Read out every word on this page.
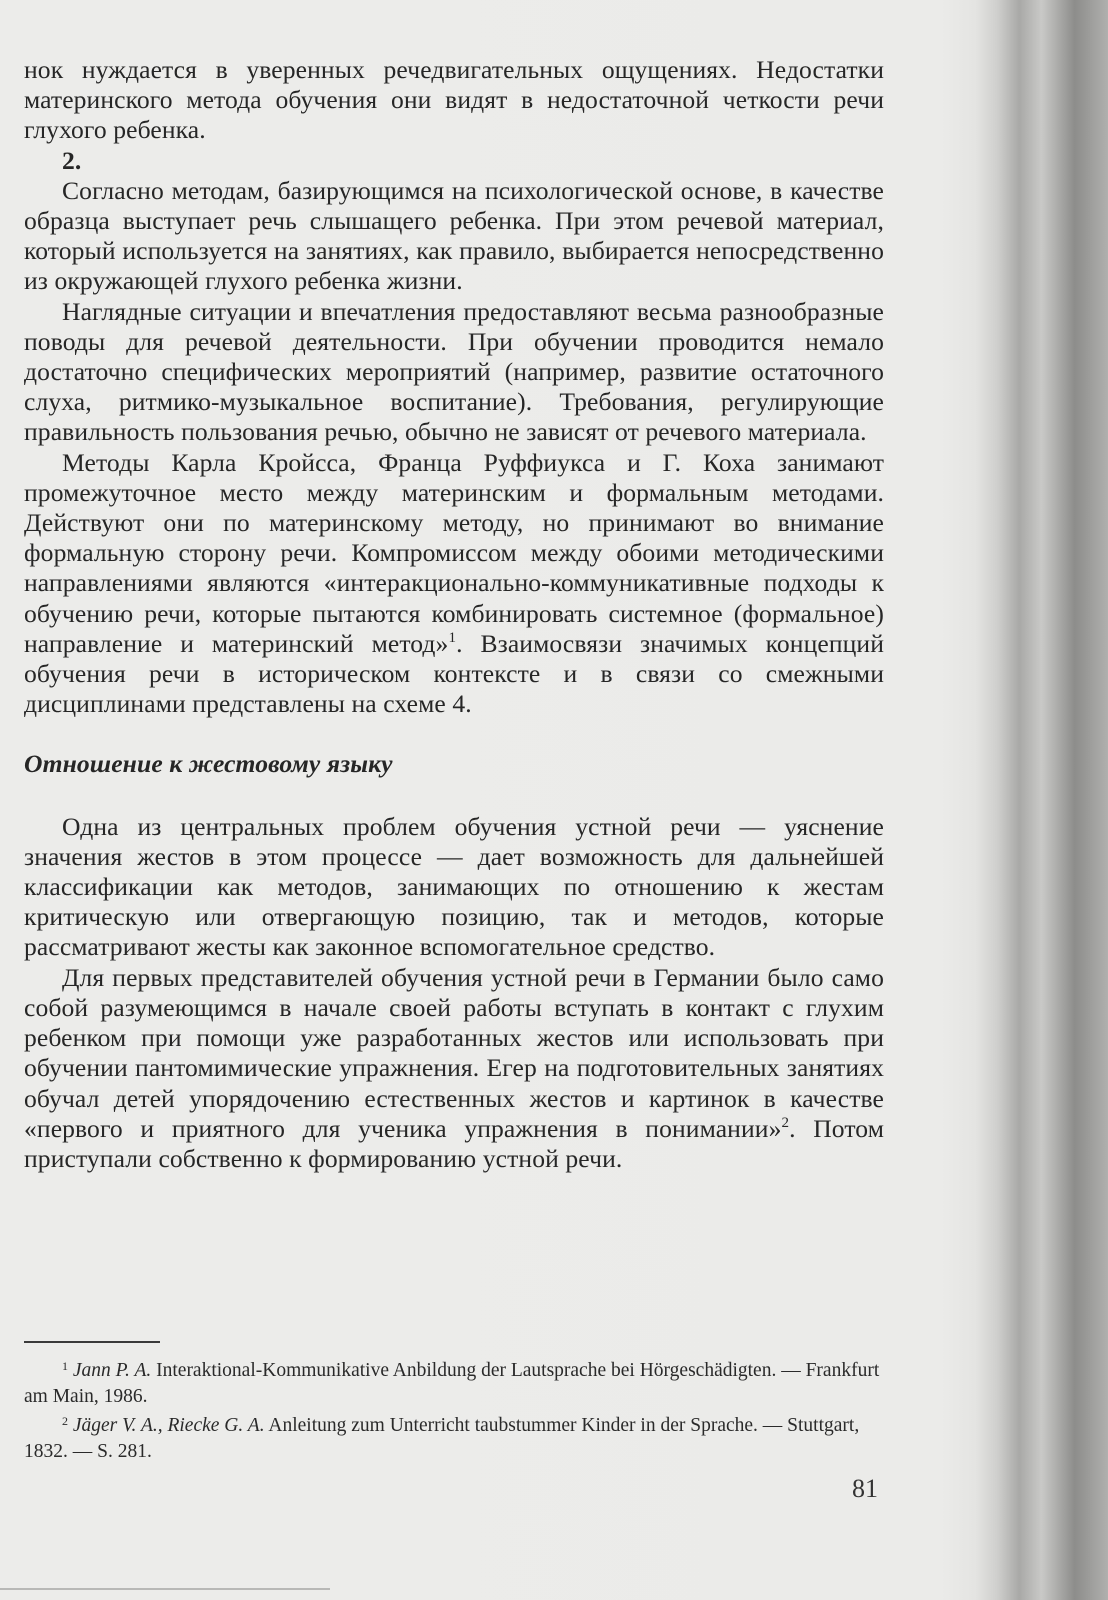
нок нуждается в уверенных речедвигательных ощущениях. Недостатки материнского метода обучения они видят в недостаточной четкости речи глухого ребенка.

2.

Согласно методам, базирующимся на психологической основе, в качестве образца выступает речь слышащего ребенка. При этом речевой материал, который используется на занятиях, как правило, выбирается непосредственно из окружающей глухого ребенка жизни.

Наглядные ситуации и впечатления предоставляют весьма разнообразные поводы для речевой деятельности. При обучении проводится немало достаточно специфических мероприятий (например, развитие остаточного слуха, ритмико-музыкальное воспитание). Требования, регулирующие правильность пользования речью, обычно не зависят от речевого материала.

Методы Карла Кройсса, Франца Руффиукса и Г. Коха занимают промежуточное место между материнским и формальным методами. Действуют они по материнскому методу, но принимают во внимание формальную сторону речи. Компромиссом между обоими методическими направлениями являются «интеракционально-коммуникативные подходы к обучению речи, которые пытаются комбинировать системное (формальное) направление и материнский метод»$^1$. Взаимосвязи значимых концепций обучения речи в историческом контексте и в связи со смежными дисциплинами представлены на схеме 4.

Отношение к жестовому языку

Одна из центральных проблем обучения устной речи — уяснение значения жестов в этом процессе — дает возможность для дальнейшей классификации как методов, занимающих по отношению к жестам критическую или отвергающую позицию, так и методов, которые рассматривают жесты как законное вспомогательное средство.

Для первых представителей обучения устной речи в Германии было само собой разумеющимся в начале своей работы вступать в контакт с глухим ребенком при помощи уже разработанных жестов или использовать при обучении пантомимические упражнения. Егер на подготовительных занятиях обучал детей упорядочению естественных жестов и картинок в качестве «первого и приятного для ученика упражнения в понимании»$^2$. Потом приступали собственно к формированию устной речи.

$^1$ Jann P. A. Interaktional-Kommunikative Anbildung der Lautsprache bei Hörgeschädigten. — Frankfurt am Main, 1986.

$^2$ Jäger V. A., Riecke G. A. Anleitung zum Unterricht taubstummer Kinder in der Sprache. — Stuttgart, 1832. — S. 281.

81
